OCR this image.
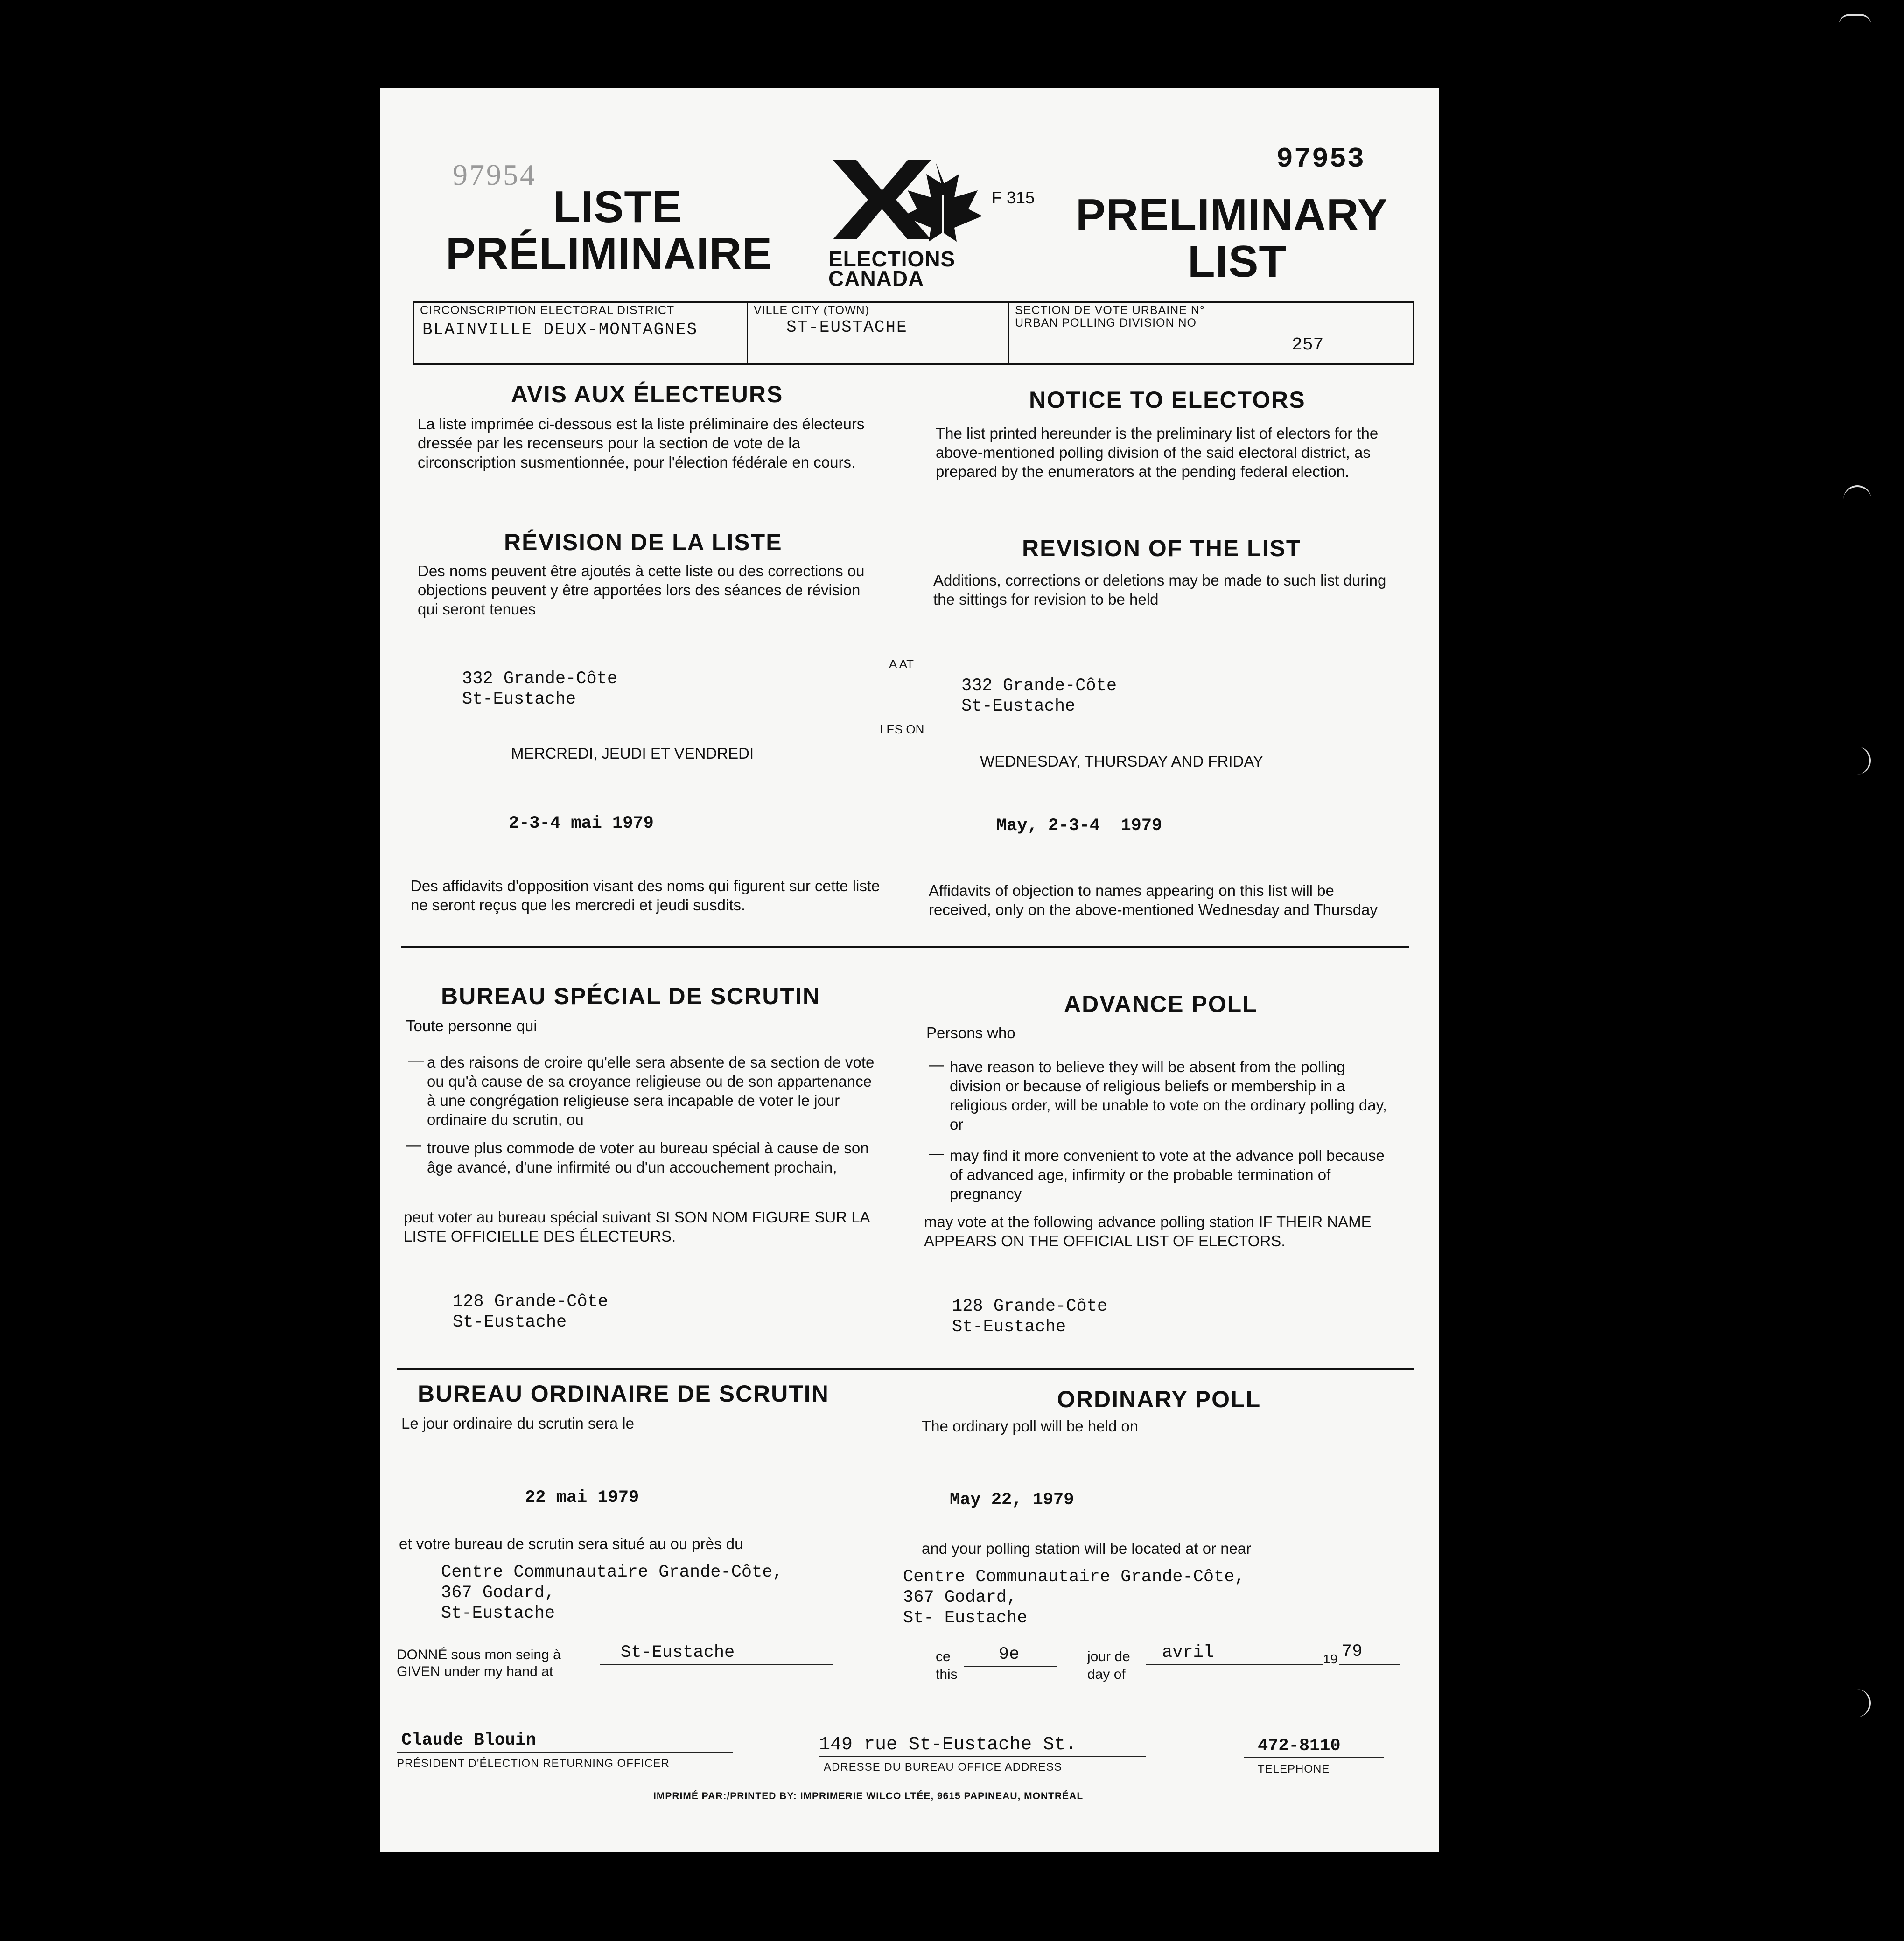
97954	97953
F 315
LISTE
PRÉLIMINAIRE	ELECTIONS
CANADA
PRELIMINARY
LIST
CIRCONSCRIPTION ELECTORAL DISTRICT
BLAINVILLE DEUX-MONTAGNES
VILLE CITY (TOWN)
ST-EUSTACHE
SECTION DE VOTE URBAINE N°
URBAN POLLING DIVISION NO
257
AVIS AUX ÉLECTEURS
La liste imprimée ci-dessous est la liste préliminaire des électeurs dressée par les recenseurs pour la section de vote de la circonscription susmentionnée, pour l'élection fédérale en cours.
NOTICE TO ELECTORS
The list printed hereunder is the preliminary list of electors for the above-mentioned polling division of the said electoral district, as prepared by the enumerators at the pending federal election.
RÉVISION DE LA LISTE
Des noms peuvent être ajoutés à cette liste ou des corrections ou objections peuvent y être apportées lors des séances de révision qui seront tenues
REVISION OF THE LIST
Additions, corrections or deletions may be made to such list during the sittings for revision to be held
A AT
332 Grande-Côte
St-Eustache
332 Grande-Côte
St-Eustache
LES ON
MERCREDI, JEUDI ET VENDREDI	WEDNESDAY, THURSDAY AND FRIDAY
2-3-4 mai 1979	May, 2-3-4  1979
Des affidavits d'opposition visant des noms qui figurent sur cette liste ne seront reçus que les mercredi et jeudi susdits.
Affidavits of objection to names appearing on this list will be received, only on the above-mentioned Wednesday and Thursday
BUREAU SPÉCIAL DE SCRUTIN
Toute personne qui
— a des raisons de croire qu'elle sera absente de sa section de vote ou qu'à cause de sa croyance religieuse ou de son appartenance à une congrégation religieuse sera incapable de voter le jour ordinaire du scrutin, ou
— trouve plus commode de voter au bureau spécial à cause de son âge avancé, d'une infirmité ou d'un accouchement prochain,
peut voter au bureau spécial suivant SI SON NOM FIGURE SUR LA LISTE OFFICIELLE DES ÉLECTEURS.
ADVANCE POLL
Persons who
— have reason to believe they will be absent from the polling division or because of religious beliefs or membership in a religious order, will be unable to vote on the ordinary polling day, or
— may find it more convenient to vote at the advance poll because of advanced age, infirmity or the probable termination of pregnancy
may vote at the following advance polling station IF THEIR NAME APPEARS ON THE OFFICIAL LIST OF ELECTORS.
128 Grande-Côte
St-Eustache
128 Grande-Côte
St-Eustache
BUREAU ORDINAIRE DE SCRUTIN
Le jour ordinaire du scrutin sera le
ORDINARY POLL
The ordinary poll will be held on
22 mai 1979	May 22, 1979
et votre bureau de scrutin sera situé au ou près du	and your polling station will be located at or near
Centre Communautaire Grande-Côte,
367 Godard,
St-Eustache
Centre Communautaire Grande-Côte,
367 Godard,
St- Eustache
DONNÉ sous mon seing à
GIVEN under my hand at
St-Eustache	ce
this
9e	jour de
day of
avril	19 79
Claude Blouin
PRÉSIDENT D'ÉLECTION RETURNING OFFICER
149 rue St-Eustache St.
ADRESSE DU BUREAU OFFICE ADDRESS
472-8110
TELEPHONE
IMPRIMÉ PAR:/PRINTED BY: IMPRIMERIE WILCO LTÉE, 9615 PAPINEAU, MONTRÉAL
